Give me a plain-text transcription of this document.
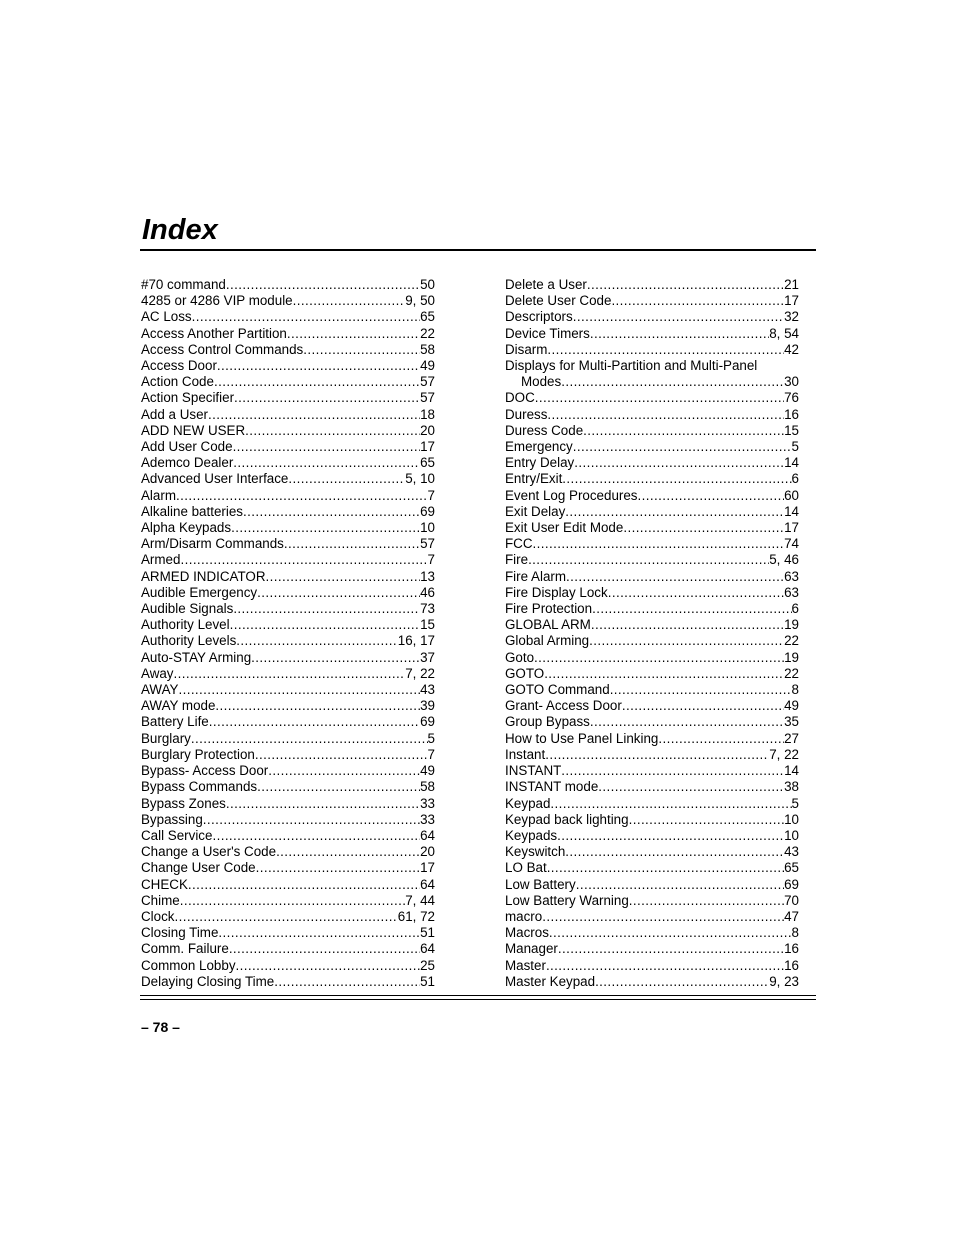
Index
#70 command .....	50
4285 or 4286 VIP module .....	9, 50
AC Loss .....	65
Access Another Partition .....	22
Access Control Commands .....	58
Access Door .....	49
Action Code .....	57
Action Specifier .....	57
Add a User .....	18
ADD NEW USER .....	20
Add User Code .....	17
Ademco Dealer .....	65
Advanced User Interface .....	5, 10
Alarm .....	7
Alkaline batteries .....	69
Alpha Keypads .....	10
Arm/Disarm Commands .....	57
Armed .....	7
ARMED INDICATOR .....	13
Audible Emergency .....	46
Audible Signals .....	73
Authority Level .....	15
Authority Levels .....	16, 17
Auto-STAY Arming .....	37
Away .....	7, 22
AWAY .....	43
AWAY mode .....	39
Battery Life .....	69
Burglary .....	5
Burglary Protection .....	7
Bypass- Access Door .....	49
Bypass Commands .....	58
Bypass Zones .....	33
Bypassing .....	33
Call Service .....	64
Change a User's Code .....	20
Change User Code .....	17
CHECK .....	64
Chime .....	7, 44
Clock .....	61, 72
Closing Time .....	51
Comm. Failure .....	64
Common Lobby .....	25
Delaying Closing Time .....	51
Delete a User .....	21
Delete User Code .....	17
Descriptors .....	32
Device Timers .....	8, 54
Disarm .....	42
Displays for Multi-Partition and Multi-Panel
Modes .....	30
DOC .....	76
Duress .....	16
Duress Code .....	15
Emergency .....	5
Entry Delay .....	14
Entry/Exit .....	6
Event Log Procedures .....	60
Exit Delay .....	14
Exit User Edit Mode .....	17
FCC .....	74
Fire .....	5, 46
Fire Alarm .....	63
Fire Display Lock .....	63
Fire Protection .....	6
GLOBAL ARM .....	19
Global Arming .....	22
Goto .....	19
GOTO .....	22
GOTO Command .....	8
Grant- Access Door .....	49
Group Bypass .....	35
How to Use Panel Linking .....	27
Instant .....	7, 22
INSTANT .....	14
INSTANT mode .....	38
Keypad .....	5
Keypad back lighting .....	10
Keypads .....	10
Keyswitch .....	43
LO Bat .....	65
Low Battery .....	69
Low Battery Warning .....	70
macro .....	47
Macros .....	8
Manager .....	16
Master .....	16
Master Keypad .....	9, 23
– 78 –
